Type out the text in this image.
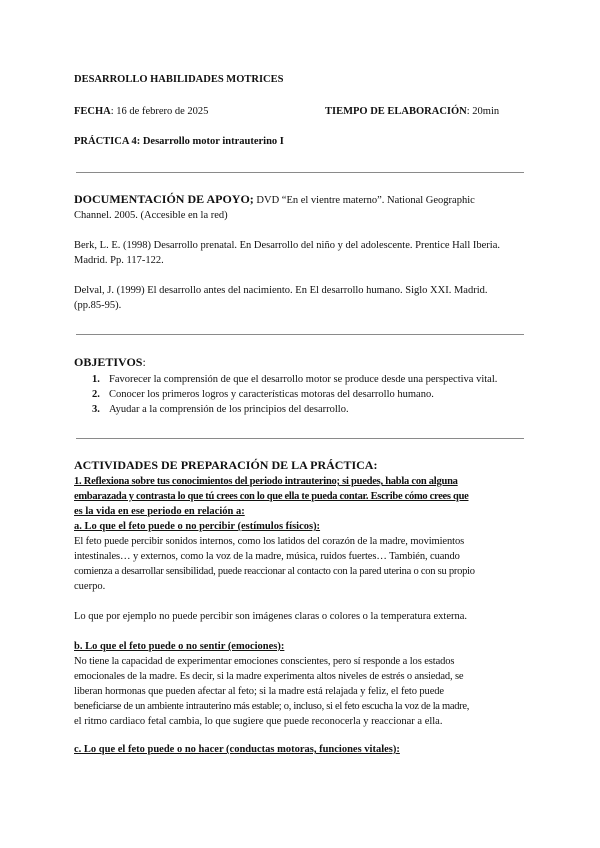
DESARROLLO HABILIDADES MOTRICES
FECHA: 16 de febrero de 2025	TIEMPO DE ELABORACIÓN: 20min
PRÁCTICA 4: Desarrollo motor intrauterino I
DOCUMENTACIÓN DE APOYO; DVD “En el vientre materno”. National Geographic
Channel. 2005. (Accesible en la red)
Berk, L. E. (1998) Desarrollo prenatal. En Desarrollo del niño y del adolescente. Prentice Hall Iberia.
Madrid. Pp. 117-122.
Delval, J. (1999) El desarrollo antes del nacimiento. En El desarrollo humano. Siglo XXI. Madrid.
(pp.85-95).
OBJETIVOS:
1. Favorecer la comprensión de que el desarrollo motor se produce desde una perspectiva vital.
2. Conocer los primeros logros y características motoras del desarrollo humano.
3. Ayudar a la comprensión de los principios del desarrollo.
ACTIVIDADES DE PREPARACIÓN DE LA PRÁCTICA:
1. Reflexiona sobre tus conocimientos del periodo intrauterino; si puedes, habla con alguna
embarazada y contrasta lo que tú crees con lo que ella te pueda contar. Escribe cómo crees que
es la vida en ese periodo en relación a:
a. Lo que el feto puede o no percibir (estímulos físicos):
El feto puede percibir sonidos internos, como los latidos del corazón de la madre, movimientos
intestinales… y externos, como la voz de la madre, música, ruidos fuertes… También, cuando
comienza a desarrollar sensibilidad, puede reaccionar al contacto con la pared uterina o con su propio
cuerpo.
Lo que por ejemplo no puede percibir son imágenes claras o colores o la temperatura externa.
b. Lo que el feto puede o no sentir (emociones):
No tiene la capacidad de experimentar emociones conscientes, pero sí responde a los estados
emocionales de la madre. Es decir, si la madre experimenta altos niveles de estrés o ansiedad, se
liberan hormonas que pueden afectar al feto; si la madre está relajada y feliz, el feto puede
beneficiarse de un ambiente intrauterino más estable; o, incluso, si el feto escucha la voz de la madre,
el ritmo cardiaco fetal cambia, lo que sugiere que puede reconocerla y reaccionar a ella.
c. Lo que el feto puede o no hacer (conductas motoras, funciones vitales):
